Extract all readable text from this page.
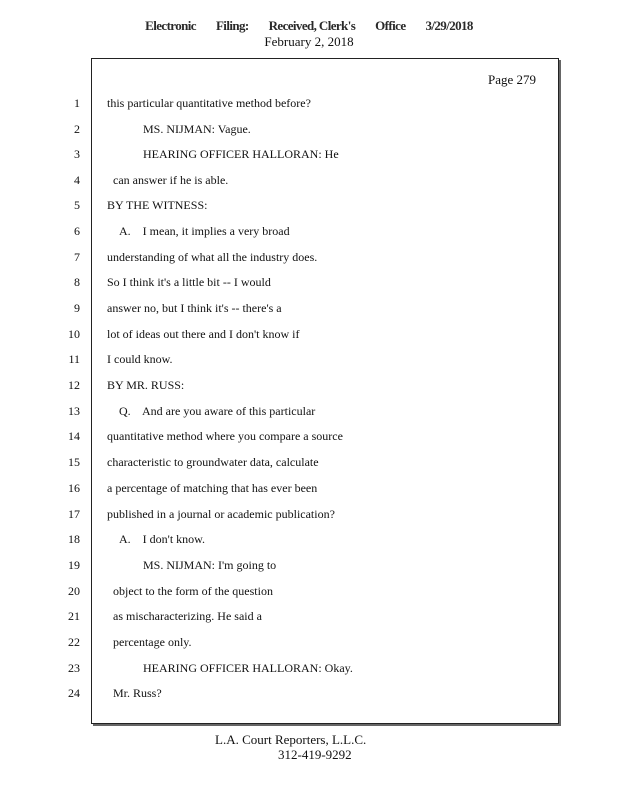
Electronic Filing: Received, Clerk's Office 3/29/2018
February 2, 2018
Page 279
1 this particular quantitative method before?
2	MS. NIJMAN: Vague.
3	HEARING OFFICER HALLORAN: He
4	can answer if he is able.
5 BY THE WITNESS:
6	A.    I mean, it implies a very broad
7 understanding of what all the industry does.
8 So I think it's a little bit -- I would
9 answer no, but I think it's -- there's a
10 lot of ideas out there and I don't know if
11 I could know.
12 BY MR. RUSS:
13	Q.    And are you aware of this particular
14 quantitative method where you compare a source
15 characteristic to groundwater data, calculate
16 a percentage of matching that has ever been
17 published in a journal or academic publication?
18	A.    I don't know.
19	MS. NIJMAN: I'm going to
20	object to the form of the question
21	as mischaracterizing. He said a
22	percentage only.
23	HEARING OFFICER HALLORAN: Okay.
24	Mr. Russ?
L.A. Court Reporters, L.L.C.
312-419-9292
